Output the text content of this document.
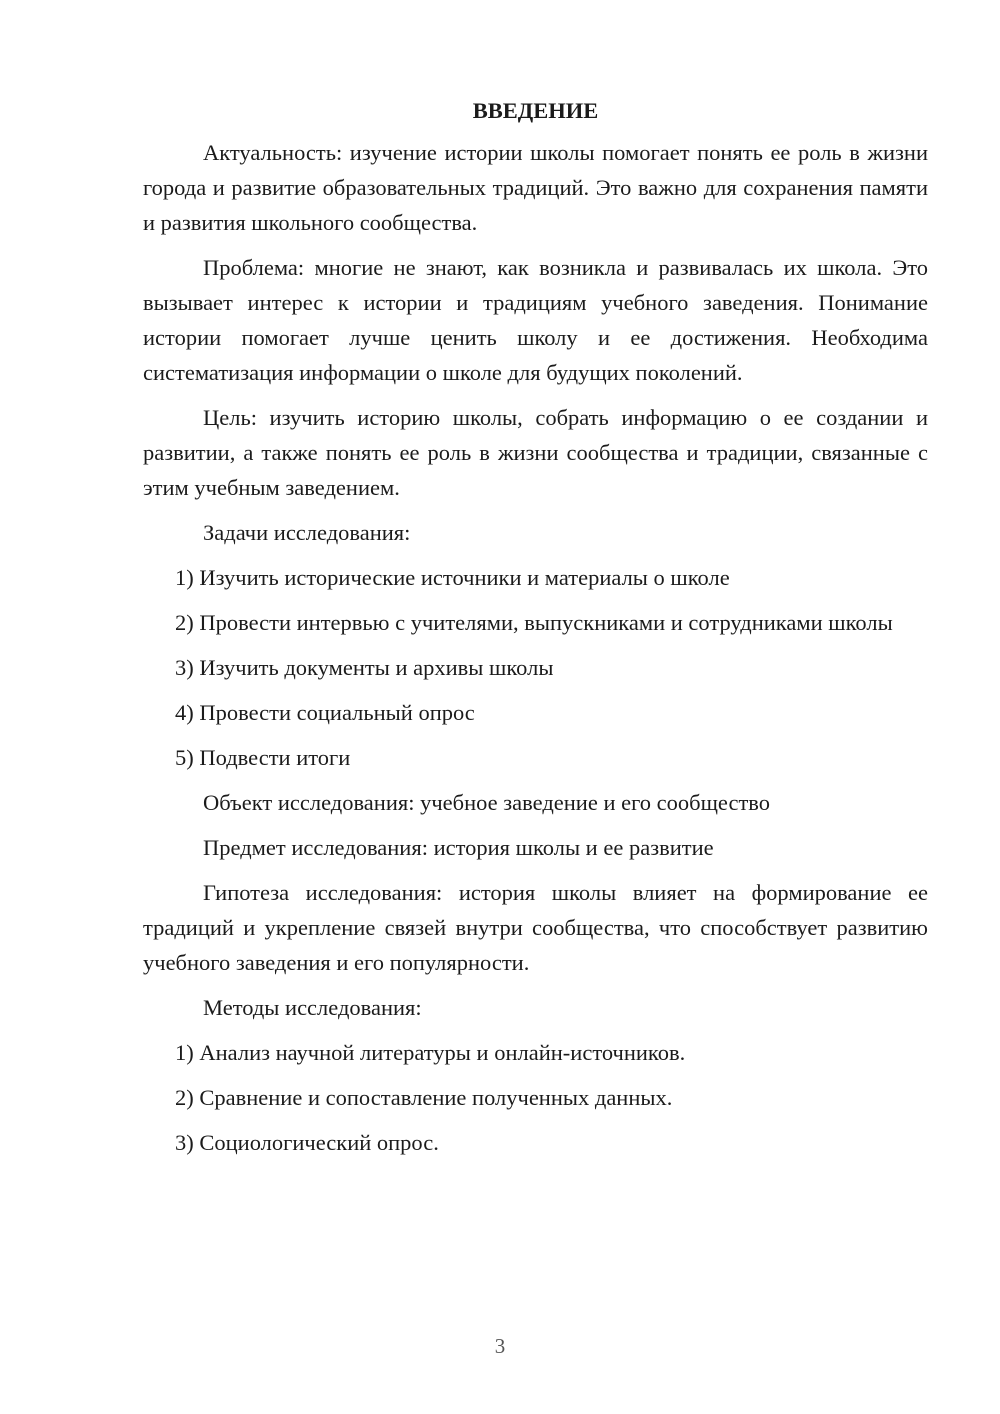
ВВЕДЕНИЕ

Актуальность: изучение истории школы помогает понять ее роль в жизни города и развитие образовательных традиций. Это важно для сохранения памяти и развития школьного сообщества.

Проблема: многие не знают, как возникла и развивалась их школа. Это вызывает интерес к истории и традициям учебного заведения. Понимание истории помогает лучше ценить школу и ее достижения. Необходима систематизация информации о школе для будущих поколений.

Цель: изучить историю школы, собрать информацию о ее создании и развитии, а также понять ее роль в жизни сообщества и традиции, связанные с этим учебным заведением.

Задачи исследования:

1) Изучить исторические источники и материалы о школе

2) Провести интервью с учителями, выпускниками и сотрудниками школы

3) Изучить документы и архивы школы

4) Провести социальный опрос

5) Подвести итоги

Объект исследования: учебное заведение и его сообщество

Предмет исследования: история школы и ее развитие

Гипотеза исследования: история школы влияет на формирование ее традиций и укрепление связей внутри сообщества, что способствует развитию учебного заведения и его популярности.

Методы исследования:

1) Анализ научной литературы и онлайн-источников.

2) Сравнение и сопоставление полученных данных.

3) Социологический опрос.

3
